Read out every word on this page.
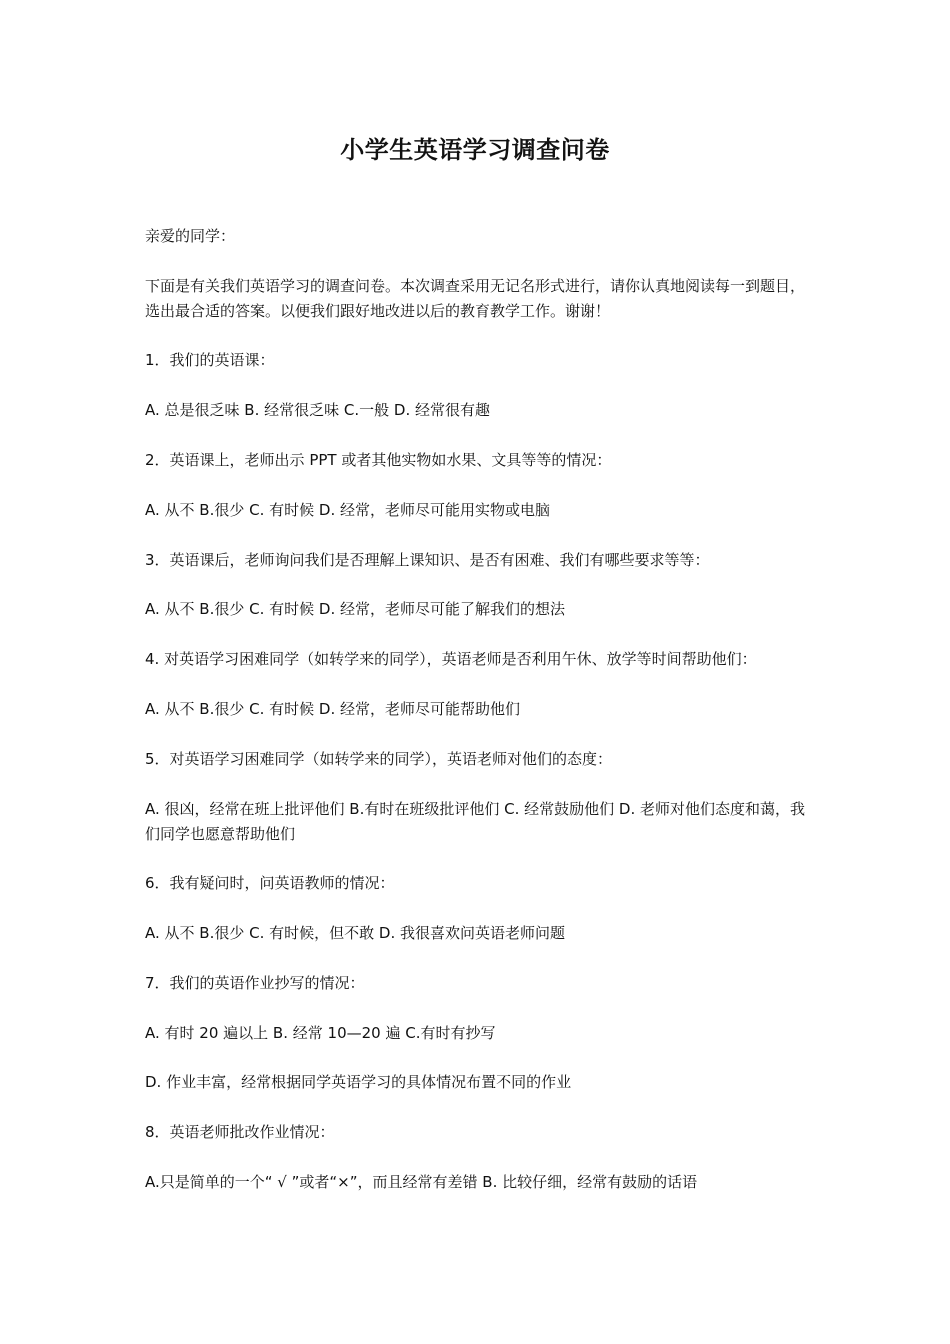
小学生英语学习调查问卷
亲爱的同学：
下面是有关我们英语学习的调查问卷。本次调查采用无记名形式进行，请你认真地阅读每一到题目，选出最合适的答案。以便我们跟好地改进以后的教育教学工作。谢谢！
1．我们的英语课：
A. 总是很乏味 B. 经常很乏味 C.一般 D. 经常很有趣
2．英语课上，老师出示 PPT 或者其他实物如水果、文具等等的情况：
A. 从不 B.很少 C. 有时候 D. 经常，老师尽可能用实物或电脑
3．英语课后，老师询问我们是否理解上课知识、是否有困难、我们有哪些要求等等：
A. 从不 B.很少 C. 有时候 D. 经常，老师尽可能了解我们的想法
4. 对英语学习困难同学（如转学来的同学），英语老师是否利用午休、放学等时间帮助他们：
A. 从不 B.很少 C. 有时候 D. 经常，老师尽可能帮助他们
5．对英语学习困难同学（如转学来的同学），英语老师对他们的态度：
A. 很凶，经常在班上批评他们 B.有时在班级批评他们 C. 经常鼓励他们 D. 老师对他们态度和蔼，我们同学也愿意帮助他们
6．我有疑问时，问英语教师的情况：
A. 从不 B.很少 C. 有时候，但不敢 D. 我很喜欢问英语老师问题
7．我们的英语作业抄写的情况：
A. 有时 20 遍以上 B. 经常 10—20 遍 C.有时有抄写
D. 作业丰富，经常根据同学英语学习的具体情况布置不同的作业
8．英语老师批改作业情况：
A.只是简单的一个“ √ ”或者“×”，而且经常有差错 B. 比较仔细，经常有鼓励的话语
